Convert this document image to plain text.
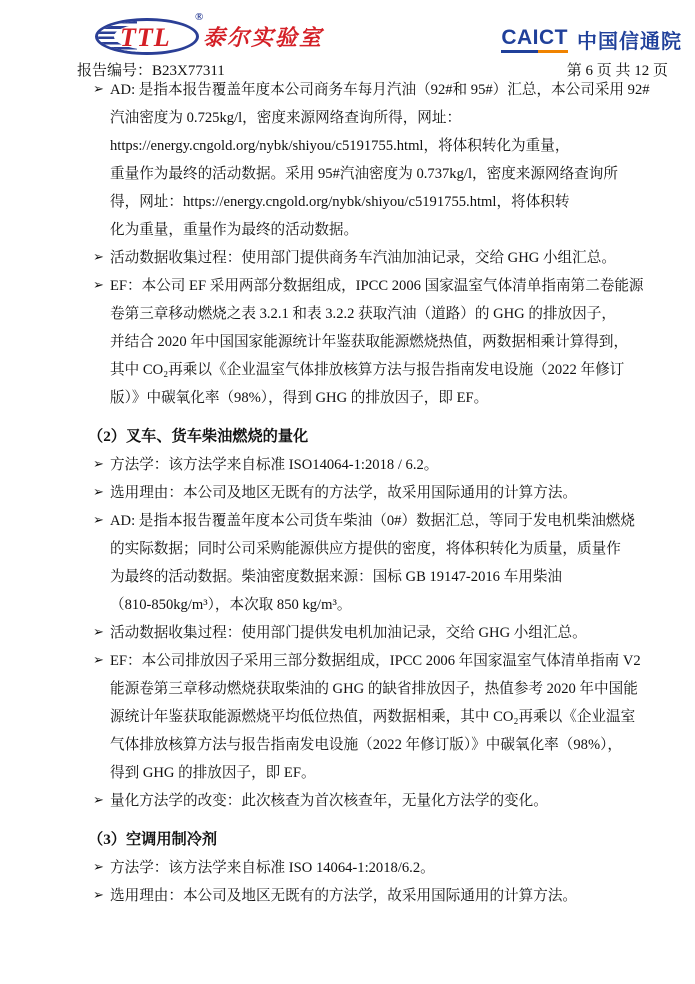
TTL
®
泰尔实验室	CAICT 中国信通院
报告编号：B23X77311	第 6 页 共 12 页
➢ AD: 是指本报告覆盖年度本公司商务车每月汽油（92#和 95#）汇总，本公司采用 92#
汽油密度为 0.725kg/l，密度来源网络查询所得，网址：
https://energy.cngold.org/nybk/shiyou/c5191755.html，将体积转化为重量，
重量作为最终的活动数据。采用 95#汽油密度为 0.737kg/l，密度来源网络查询所
得，网址：https://energy.cngold.org/nybk/shiyou/c5191755.html，将体积转
化为重量，重量作为最终的活动数据。
➢ 活动数据收集过程：使用部门提供商务车汽油加油记录，交给 GHG 小组汇总。
➢ EF：本公司 EF 采用两部分数据组成，IPCC 2006 国家温室气体清单指南第二卷能源
卷第三章移动燃烧之表 3.2.1 和表 3.2.2 获取汽油（道路）的 GHG 的排放因子，
并结合 2020 年中国国家能源统计年鉴获取能源燃烧热值，两数据相乘计算得到，
其中 CO₂再乘以《企业温室气体排放核算方法与报告指南发电设施（2022 年修订
版）》中碳氧化率（98%），得到 GHG 的排放因子，即 EF。
（2）叉车、货车柴油燃烧的量化
➢ 方法学：该方法学来自标准 ISO14064-1:2018 / 6.2。
➢ 选用理由：本公司及地区无既有的方法学，故采用国际通用的计算方法。
➢ AD: 是指本报告覆盖年度本公司货车柴油（0#）数据汇总，等同于发电机柴油燃烧
的实际数据；同时公司采购能源供应方提供的密度，将体积转化为质量，质量作
为最终的活动数据。柴油密度数据来源：国标 GB 19147-2016 车用柴油
（810-850kg/m³），本次取 850 kg/m³。
➢ 活动数据收集过程：使用部门提供发电机加油记录，交给 GHG 小组汇总。
➢ EF：本公司排放因子采用三部分数据组成，IPCC 2006 年国家温室气体清单指南 V2
能源卷第三章移动燃烧获取柴油的 GHG 的缺省排放因子，热值参考 2020 年中国能
源统计年鉴获取能源燃烧平均低位热值，两数据相乘，其中 CO₂再乘以《企业温室
气体排放核算方法与报告指南发电设施（2022 年修订版）》中碳氧化率（98%），
得到 GHG 的排放因子，即 EF。
➢ 量化方法学的改变：此次核查为首次核查年，无量化方法学的变化。
（3）空调用制冷剂
➢ 方法学：该方法学来自标准 ISO 14064-1:2018/6.2。
➢ 选用理由：本公司及地区无既有的方法学，故采用国际通用的计算方法。
